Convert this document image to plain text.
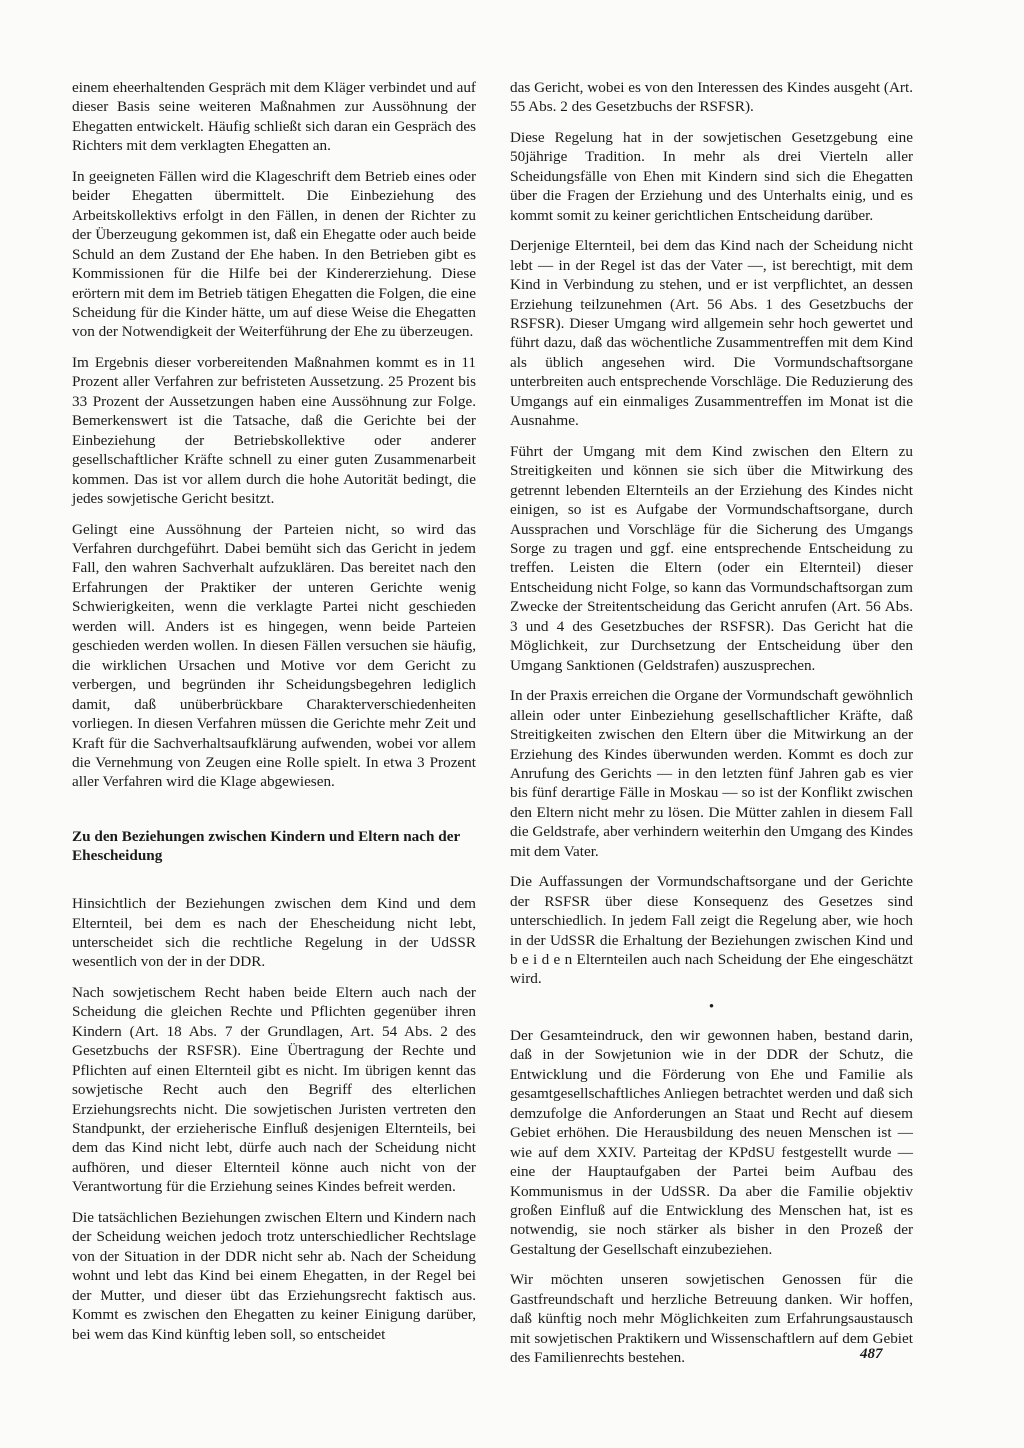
einem eheerhaltenden Gespräch mit dem Kläger verbindet und auf dieser Basis seine weiteren Maßnahmen zur Aussöhnung der Ehegatten entwickelt. Häufig schließt sich daran ein Gespräch des Richters mit dem verklagten Ehegatten an.

In geeigneten Fällen wird die Klageschrift dem Betrieb eines oder beider Ehegatten übermittelt. Die Einbeziehung des Arbeitskollektivs erfolgt in den Fällen, in denen der Richter zu der Überzeugung gekommen ist, daß ein Ehegatte oder auch beide Schuld an dem Zustand der Ehe haben. In den Betrieben gibt es Kommissionen für die Hilfe bei der Kindererziehung. Diese erörtern mit dem im Betrieb tätigen Ehegatten die Folgen, die eine Scheidung für die Kinder hätte, um auf diese Weise die Ehegatten von der Notwendigkeit der Weiterführung der Ehe zu überzeugen.

Im Ergebnis dieser vorbereitenden Maßnahmen kommt es in 11 Prozent aller Verfahren zur befristeten Aussetzung. 25 Prozent bis 33 Prozent der Aussetzungen haben eine Aussöhnung zur Folge. Bemerkenswert ist die Tatsache, daß die Gerichte bei der Einbeziehung der Betriebskollektive oder anderer gesellschaftlicher Kräfte schnell zu einer guten Zusammenarbeit kommen. Das ist vor allem durch die hohe Autorität bedingt, die jedes sowjetische Gericht besitzt.

Gelingt eine Aussöhnung der Parteien nicht, so wird das Verfahren durchgeführt. Dabei bemüht sich das Gericht in jedem Fall, den wahren Sachverhalt aufzuklären. Das bereitet nach den Erfahrungen der Praktiker der unteren Gerichte wenig Schwierigkeiten, wenn die verklagte Partei nicht geschieden werden will. Anders ist es hingegen, wenn beide Parteien geschieden werden wollen. In diesen Fällen versuchen sie häufig, die wirklichen Ursachen und Motive vor dem Gericht zu verbergen, und begründen ihr Scheidungsbegehren lediglich damit, daß unüberbrückbare Charakterverschiedenheiten vorliegen. In diesen Verfahren müssen die Gerichte mehr Zeit und Kraft für die Sachverhaltsaufklärung aufwenden, wobei vor allem die Vernehmung von Zeugen eine Rolle spielt. In etwa 3 Prozent aller Verfahren wird die Klage abgewiesen.

Zu den Beziehungen zwischen Kindern und Eltern nach der Ehescheidung

Hinsichtlich der Beziehungen zwischen dem Kind und dem Elternteil, bei dem es nach der Ehescheidung nicht lebt, unterscheidet sich die rechtliche Regelung in der UdSSR wesentlich von der in der DDR.

Nach sowjetischem Recht haben beide Eltern auch nach der Scheidung die gleichen Rechte und Pflichten gegenüber ihren Kindern (Art. 18 Abs. 7 der Grundlagen, Art. 54 Abs. 2 des Gesetzbuchs der RSFSR). Eine Übertragung der Rechte und Pflichten auf einen Elternteil gibt es nicht. Im übrigen kennt das sowjetische Recht auch den Begriff des elterlichen Erziehungsrechts nicht. Die sowjetischen Juristen vertreten den Standpunkt, der erzieherische Einfluß desjenigen Elternteils, bei dem das Kind nicht lebt, dürfe auch nach der Scheidung nicht aufhören, und dieser Elternteil könne auch nicht von der Verantwortung für die Erziehung seines Kindes befreit werden.

Die tatsächlichen Beziehungen zwischen Eltern und Kindern nach der Scheidung weichen jedoch trotz unterschiedlicher Rechtslage von der Situation in der DDR nicht sehr ab. Nach der Scheidung wohnt und lebt das Kind bei einem Ehegatten, in der Regel bei der Mutter, und dieser übt das Erziehungsrecht faktisch aus. Kommt es zwischen den Ehegatten zu keiner Einigung darüber, bei wem das Kind künftig leben soll, so entscheidet

das Gericht, wobei es von den Interessen des Kindes ausgeht (Art. 55 Abs. 2 des Gesetzbuchs der RSFSR).

Diese Regelung hat in der sowjetischen Gesetzgebung eine 50jährige Tradition. In mehr als drei Vierteln aller Scheidungsfälle von Ehen mit Kindern sind sich die Ehegatten über die Fragen der Erziehung und des Unterhalts einig, und es kommt somit zu keiner gerichtlichen Entscheidung darüber.

Derjenige Elternteil, bei dem das Kind nach der Scheidung nicht lebt — in der Regel ist das der Vater —, ist berechtigt, mit dem Kind in Verbindung zu stehen, und er ist verpflichtet, an dessen Erziehung teilzunehmen (Art. 56 Abs. 1 des Gesetzbuchs der RSFSR). Dieser Umgang wird allgemein sehr hoch gewertet und führt dazu, daß das wöchentliche Zusammentreffen mit dem Kind als üblich angesehen wird. Die Vormundschaftsorgane unterbreiten auch entsprechende Vorschläge. Die Reduzierung des Umgangs auf ein einmaliges Zusammentreffen im Monat ist die Ausnahme.

Führt der Umgang mit dem Kind zwischen den Eltern zu Streitigkeiten und können sie sich über die Mitwirkung des getrennt lebenden Elternteils an der Erziehung des Kindes nicht einigen, so ist es Aufgabe der Vormundschaftsorgane, durch Aussprachen und Vorschläge für die Sicherung des Umgangs Sorge zu tragen und ggf. eine entsprechende Entscheidung zu treffen. Leisten die Eltern (oder ein Elternteil) dieser Entscheidung nicht Folge, so kann das Vormundschaftsorgan zum Zwecke der Streitentscheidung das Gericht anrufen (Art. 56 Abs. 3 und 4 des Gesetzbuches der RSFSR). Das Gericht hat die Möglichkeit, zur Durchsetzung der Entscheidung über den Umgang Sanktionen (Geldstrafen) auszusprechen.

In der Praxis erreichen die Organe der Vormundschaft gewöhnlich allein oder unter Einbeziehung gesellschaftlicher Kräfte, daß Streitigkeiten zwischen den Eltern über die Mitwirkung an der Erziehung des Kindes überwunden werden. Kommt es doch zur Anrufung des Gerichts — in den letzten fünf Jahren gab es vier bis fünf derartige Fälle in Moskau — so ist der Konflikt zwischen den Eltern nicht mehr zu lösen. Die Mütter zahlen in diesem Fall die Geldstrafe, aber verhindern weiterhin den Umgang des Kindes mit dem Vater.

Die Auffassungen der Vormundschaftsorgane und der Gerichte der RSFSR über diese Konsequenz des Gesetzes sind unterschiedlich. In jedem Fall zeigt die Regelung aber, wie hoch in der UdSSR die Erhaltung der Beziehungen zwischen Kind und b e i d e n Elternteilen auch nach Scheidung der Ehe eingeschätzt wird.

•

Der Gesamteindruck, den wir gewonnen haben, bestand darin, daß in der Sowjetunion wie in der DDR der Schutz, die Entwicklung und die Förderung von Ehe und Familie als gesamtgesellschaftliches Anliegen betrachtet werden und daß sich demzufolge die Anforderungen an Staat und Recht auf diesem Gebiet erhöhen. Die Herausbildung des neuen Menschen ist — wie auf dem XXIV. Parteitag der KPdSU festgestellt wurde — eine der Hauptaufgaben der Partei beim Aufbau des Kommunismus in der UdSSR. Da aber die Familie objektiv großen Einfluß auf die Entwicklung des Menschen hat, ist es notwendig, sie noch stärker als bisher in den Prozeß der Gestaltung der Gesellschaft einzubeziehen.

Wir möchten unseren sowjetischen Genossen für die Gastfreundschaft und herzliche Betreuung danken. Wir hoffen, daß künftig noch mehr Möglichkeiten zum Erfahrungsaustausch mit sowjetischen Praktikern und Wissenschaftlern auf dem Gebiet des Familienrechts bestehen.	487
